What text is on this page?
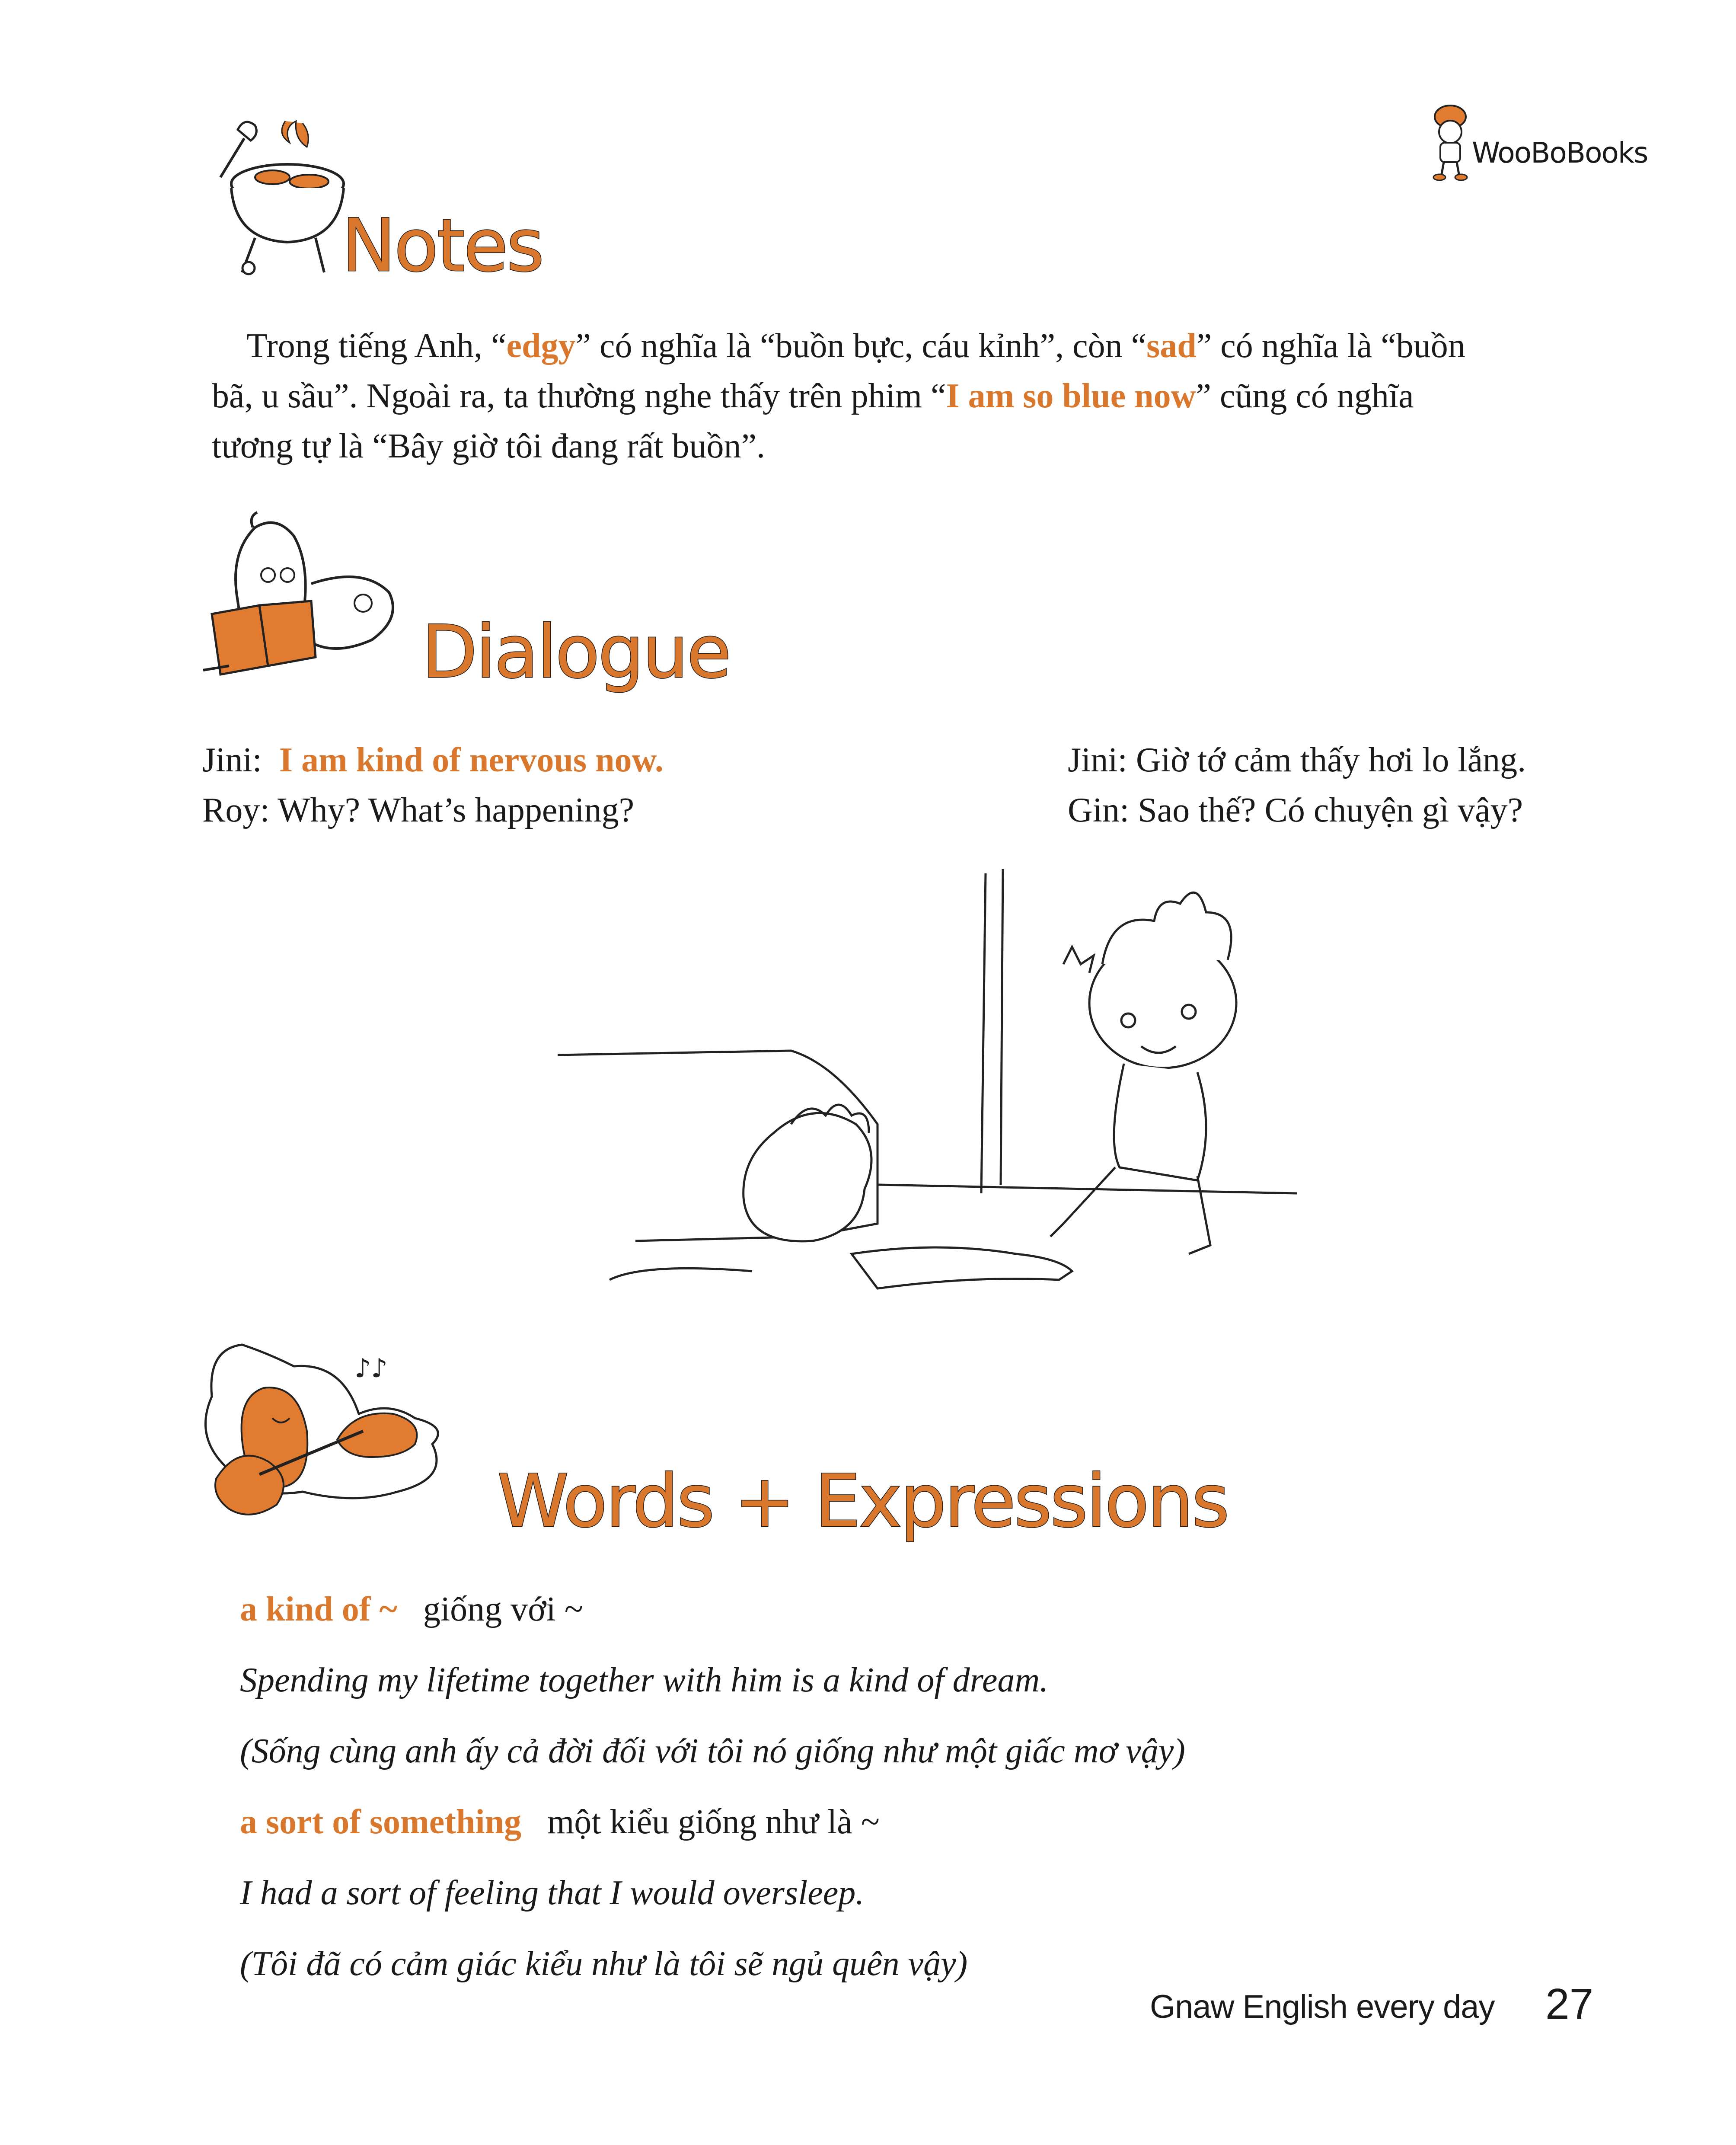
WooBoBooks
Notes
Trong tiếng Anh, “edgy” có nghĩa là “buồn bực, cáu kỉnh”, còn “sad” có nghĩa là “buồn
bã, u sầu”. Ngoài ra, ta thường nghe thấy trên phim “I am so blue now” cũng có nghĩa
tương tự là “Bây giờ tôi đang rất buồn”.
Dialogue
Jini: I am kind of nervous now.
Roy: Why? What’s happening?
Jini: Giờ tớ cảm thấy hơi lo lắng.
Gin: Sao thế? Có chuyện gì vậy?
♪♪
Words + Expressions
a kind of ~ giống với ~
Spending my lifetime together with him is a kind of dream.
(Sống cùng anh ấy cả đời đối với tôi nó giống như một giấc mơ vậy)
a sort of something một kiểu giống như là ~
I had a sort of feeling that I would oversleep.
(Tôi đã có cảm giác kiểu như là tôi sẽ ngủ quên vậy)
Gnaw English every day 27
